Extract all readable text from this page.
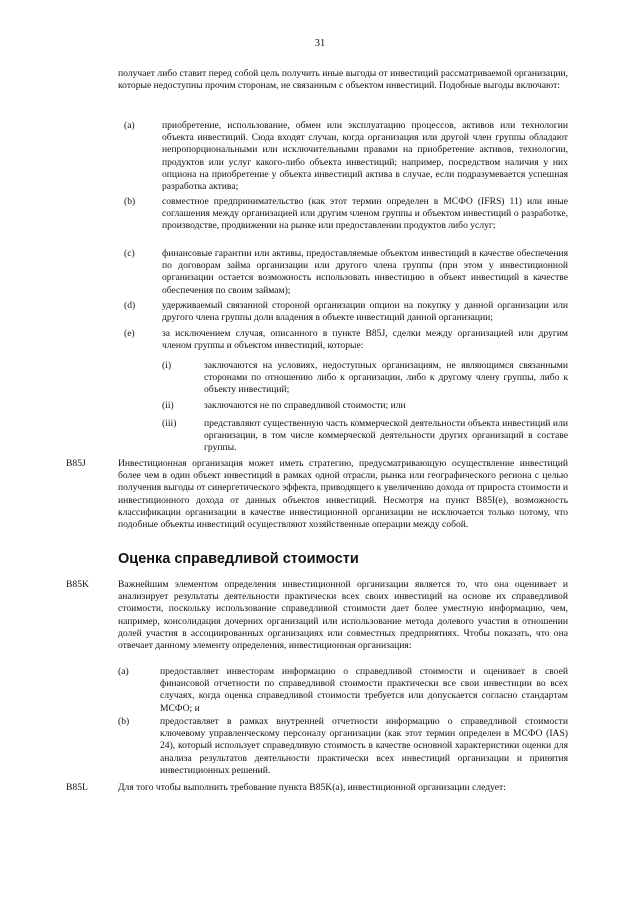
31

получает либо ставит перед собой цель получить иные выгоды от инвестиций рассматриваемой организации, которые недоступны прочим сторонам, не связанным с объектом инвестиций. Подобные выгоды включают:

(a)	приобретение, использование, обмен или эксплуатацию процессов, активов или технологии объекта инвестиций. Сюда входят случаи, когда организация или другой член группы обладают непропорциональными или исключительными правами на приобретение активов, технологии, продуктов или услуг какого-либо объекта инвестиций; например, посредством наличия у них опциона на приобретение у объекта инвестиций актива в случае, если подразумевается успешная разработка актива;

(b)	совместное предпринимательство (как этот термин определен в МСФО (IFRS) 11) или иные соглашения между организацией или другим членом группы и объектом инвестиций о разработке, производстве, продвижении на рынке или предоставлении продуктов либо услуг;

(c)	финансовые гарантии или активы, предоставляемые объектом инвестиций в качестве обеспечения по договорам займа организации или другого члена группы (при этом у инвестиционной организации остается возможность использовать инвестицию в объект инвестиций в качестве обеспечения по своим займам);

(d)	удерживаемый связанной стороной организации опцион на покупку у данной организации или другого члена группы доли владения в объекте инвестиций данной организации;

(e)	за исключением случая, описанного в пункте B85J, сделки между организацией или другим членом группы и объектом инвестиций, которые:

(i)	заключаются на условиях, недоступных организациям, не являющимся связанными сторонами по отношению либо к организации, либо к другому члену группы, либо к объекту инвестиций;

(ii)	заключаются не по справедливой стоимости; или

(iii)	представляют существенную часть коммерческой деятельности объекта инвестиций или организации, в том числе коммерческой деятельности других организаций в составе группы.

B85J	Инвестиционная организация может иметь стратегию, предусматривающую осуществление инвестиций более чем в один объект инвестиций в рамках одной отрасли, рынка или географического региона с целью получения выгоды от синергетического эффекта, приводящего к увеличению дохода от прироста стоимости и инвестиционного дохода от данных объектов инвестиций. Несмотря на пункт B85I(e), возможность классификации организации в качестве инвестиционной организации не исключается только потому, что подобные объекты инвестиций осуществляют хозяйственные операции между собой.

Оценка справедливой стоимости
B85K	Важнейшим элементом определения инвестиционной организации является то, что она оценивает и анализирует результаты деятельности практически всех своих инвестиций на основе их справедливой стоимости, поскольку использование справедливой стоимости дает более уместную информацию, чем, например, консолидация дочерних организаций или использование метода долевого участия в отношении долей участия в ассоциированных организациях или совместных предприятиях. Чтобы показать, что она отвечает данному элементу определения, инвестиционная организация:

(a)	предоставляет инвесторам информацию о справедливой стоимости и оценивает в своей финансовой отчетности по справедливой стоимости практически все свои инвестиции во всех случаях, когда оценка справедливой стоимости требуется или допускается согласно стандартам МСФО; и

(b)	предоставляет в рамках внутренней отчетности информацию о справедливой стоимости ключевому управленческому персоналу организации (как этот термин определен в МСФО (IAS) 24), который использует справедливую стоимость в качестве основной характеристики оценки для анализа результатов деятельности практически всех инвестиций организации и принятия инвестиционных решений.

B85L	Для того чтобы выполнить требование пункта B85K(a), инвестиционной организации следует:
